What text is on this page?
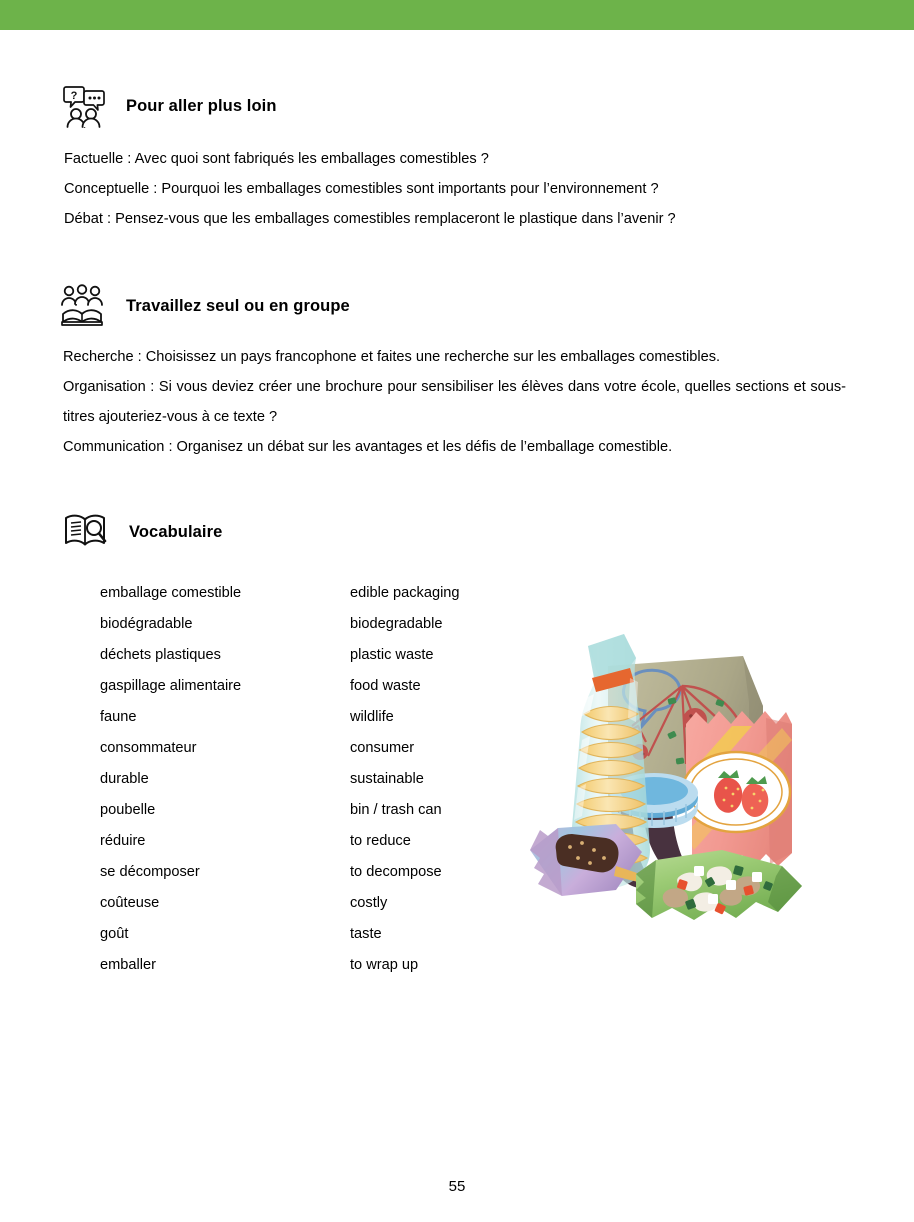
?
Pour aller plus loin
Factuelle : Avec quoi sont fabriqués les emballages comestibles ?
Conceptuelle : Pourquoi les emballages comestibles sont importants pour l’environnement ?
Débat : Pensez-vous que les emballages comestibles remplaceront le plastique dans l’avenir ?
Travaillez seul ou en groupe
Recherche : Choisissez un pays francophone et faites une recherche sur les emballages comestibles.
Organisation : Si vous deviez créer une brochure pour sensibiliser les élèves dans votre école, quelles sections et sous-titres ajouteriez-vous à ce texte ?
Communication : Organisez un débat sur les avantages et les défis de l’emballage comestible.
Vocabulaire
emballage comestible	edible packaging
biodégradable	biodegradable
déchets plastiques	plastic waste
gaspillage alimentaire	food waste
faune	wildlife
consommateur	consumer
durable	sustainable
poubelle	bin / trash can
réduire	to reduce
se décomposer	to decompose
coûteuse	costly
goût	taste
emballer	to wrap up
55
